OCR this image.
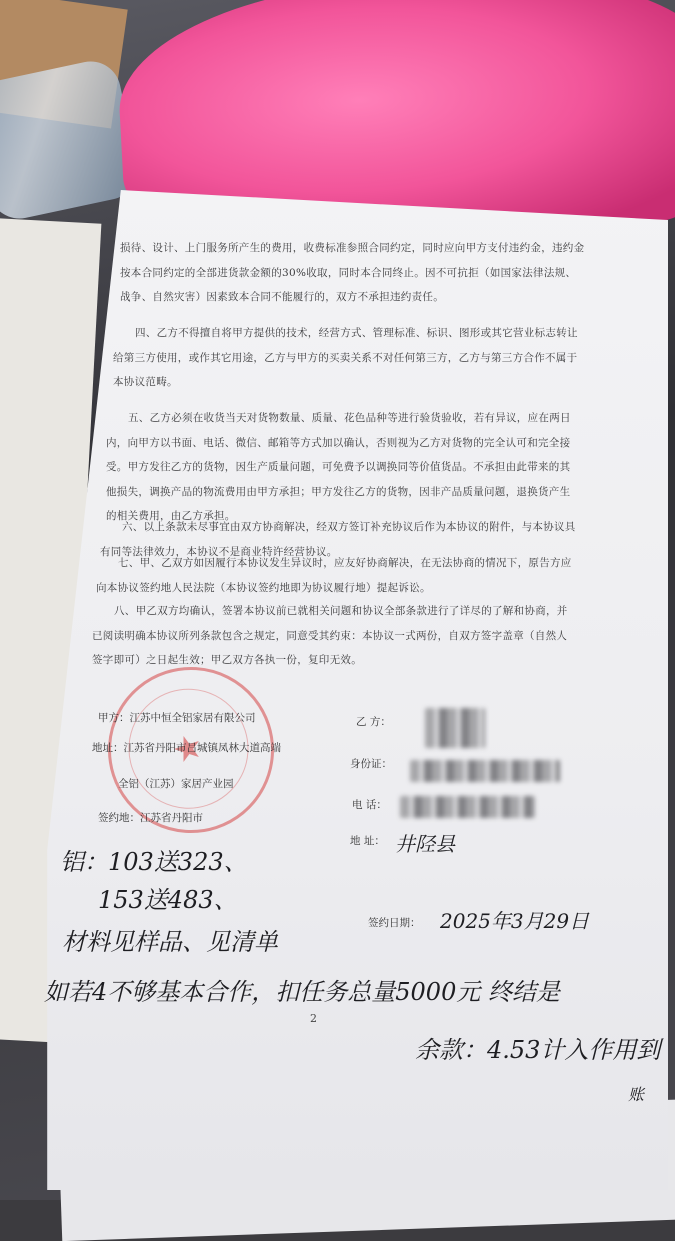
损待、设计、上门服务所产生的费用，收费标准参照合同约定，同时应向甲方支付违约金，违约金按本合同约定的全部进货款金额的30%收取，同时本合同终止。因不可抗拒（如国家法律法规、战争、自然灾害）因素致本合同不能履行的，双方不承担违约责任。

四、乙方不得擅自将甲方提供的技术，经营方式、管理标准、标识、图形或其它营业标志转让给第三方使用，或作其它用途，乙方与甲方的买卖关系不对任何第三方，乙方与第三方合作不属于本协议范畴。

五、乙方必须在收货当天对货物数量、质量、花色品种等进行验货验收，若有异议，应在两日内，向甲方以书面、电话、微信、邮箱等方式加以确认，否则视为乙方对货物的完全认可和完全接受。甲方发往乙方的货物，因生产质量问题，可免费予以调换同等价值货品。不承担由此带来的其他损失，调换产品的物流费用由甲方承担；甲方发往乙方的货物，因非产品质量问题，退换货产生的相关费用，由乙方承担。

六、以上条款未尽事宜由双方协商解决，经双方签订补充协议后作为本协议的附件，与本协议具有同等法律效力，本协议不是商业特许经营协议。

七、甲、乙双方如因履行本协议发生异议时，应友好协商解决，在无法协商的情况下，原告方应向本协议签约地人民法院（本协议签约地即为协议履行地）提起诉讼。

八、甲乙双方均确认，签署本协议前已就相关问题和协议全部条款进行了详尽的了解和协商，并已阅读明确本协议所列条款包含之规定，同意受其约束：本协议一式两份，自双方签字盖章（自然人签字即可）之日起生效；甲乙双方各执一份，复印无效。

★
甲方：江苏中恒全铝家居有限公司
地址：江苏省丹阳市吕城镇凤林大道高端
全铝（江苏）家居产业园
签约地：江苏省丹阳市
乙 方：
身份证：
电 话：
地 址： 井陉县
签约日期： 2025年3月29日
铝：103送323、
153送483、
材料见样品、见清单
如若4不够基本合作，扣任务总量5000元 终结是
余款：4.53计入作用到
账
2
